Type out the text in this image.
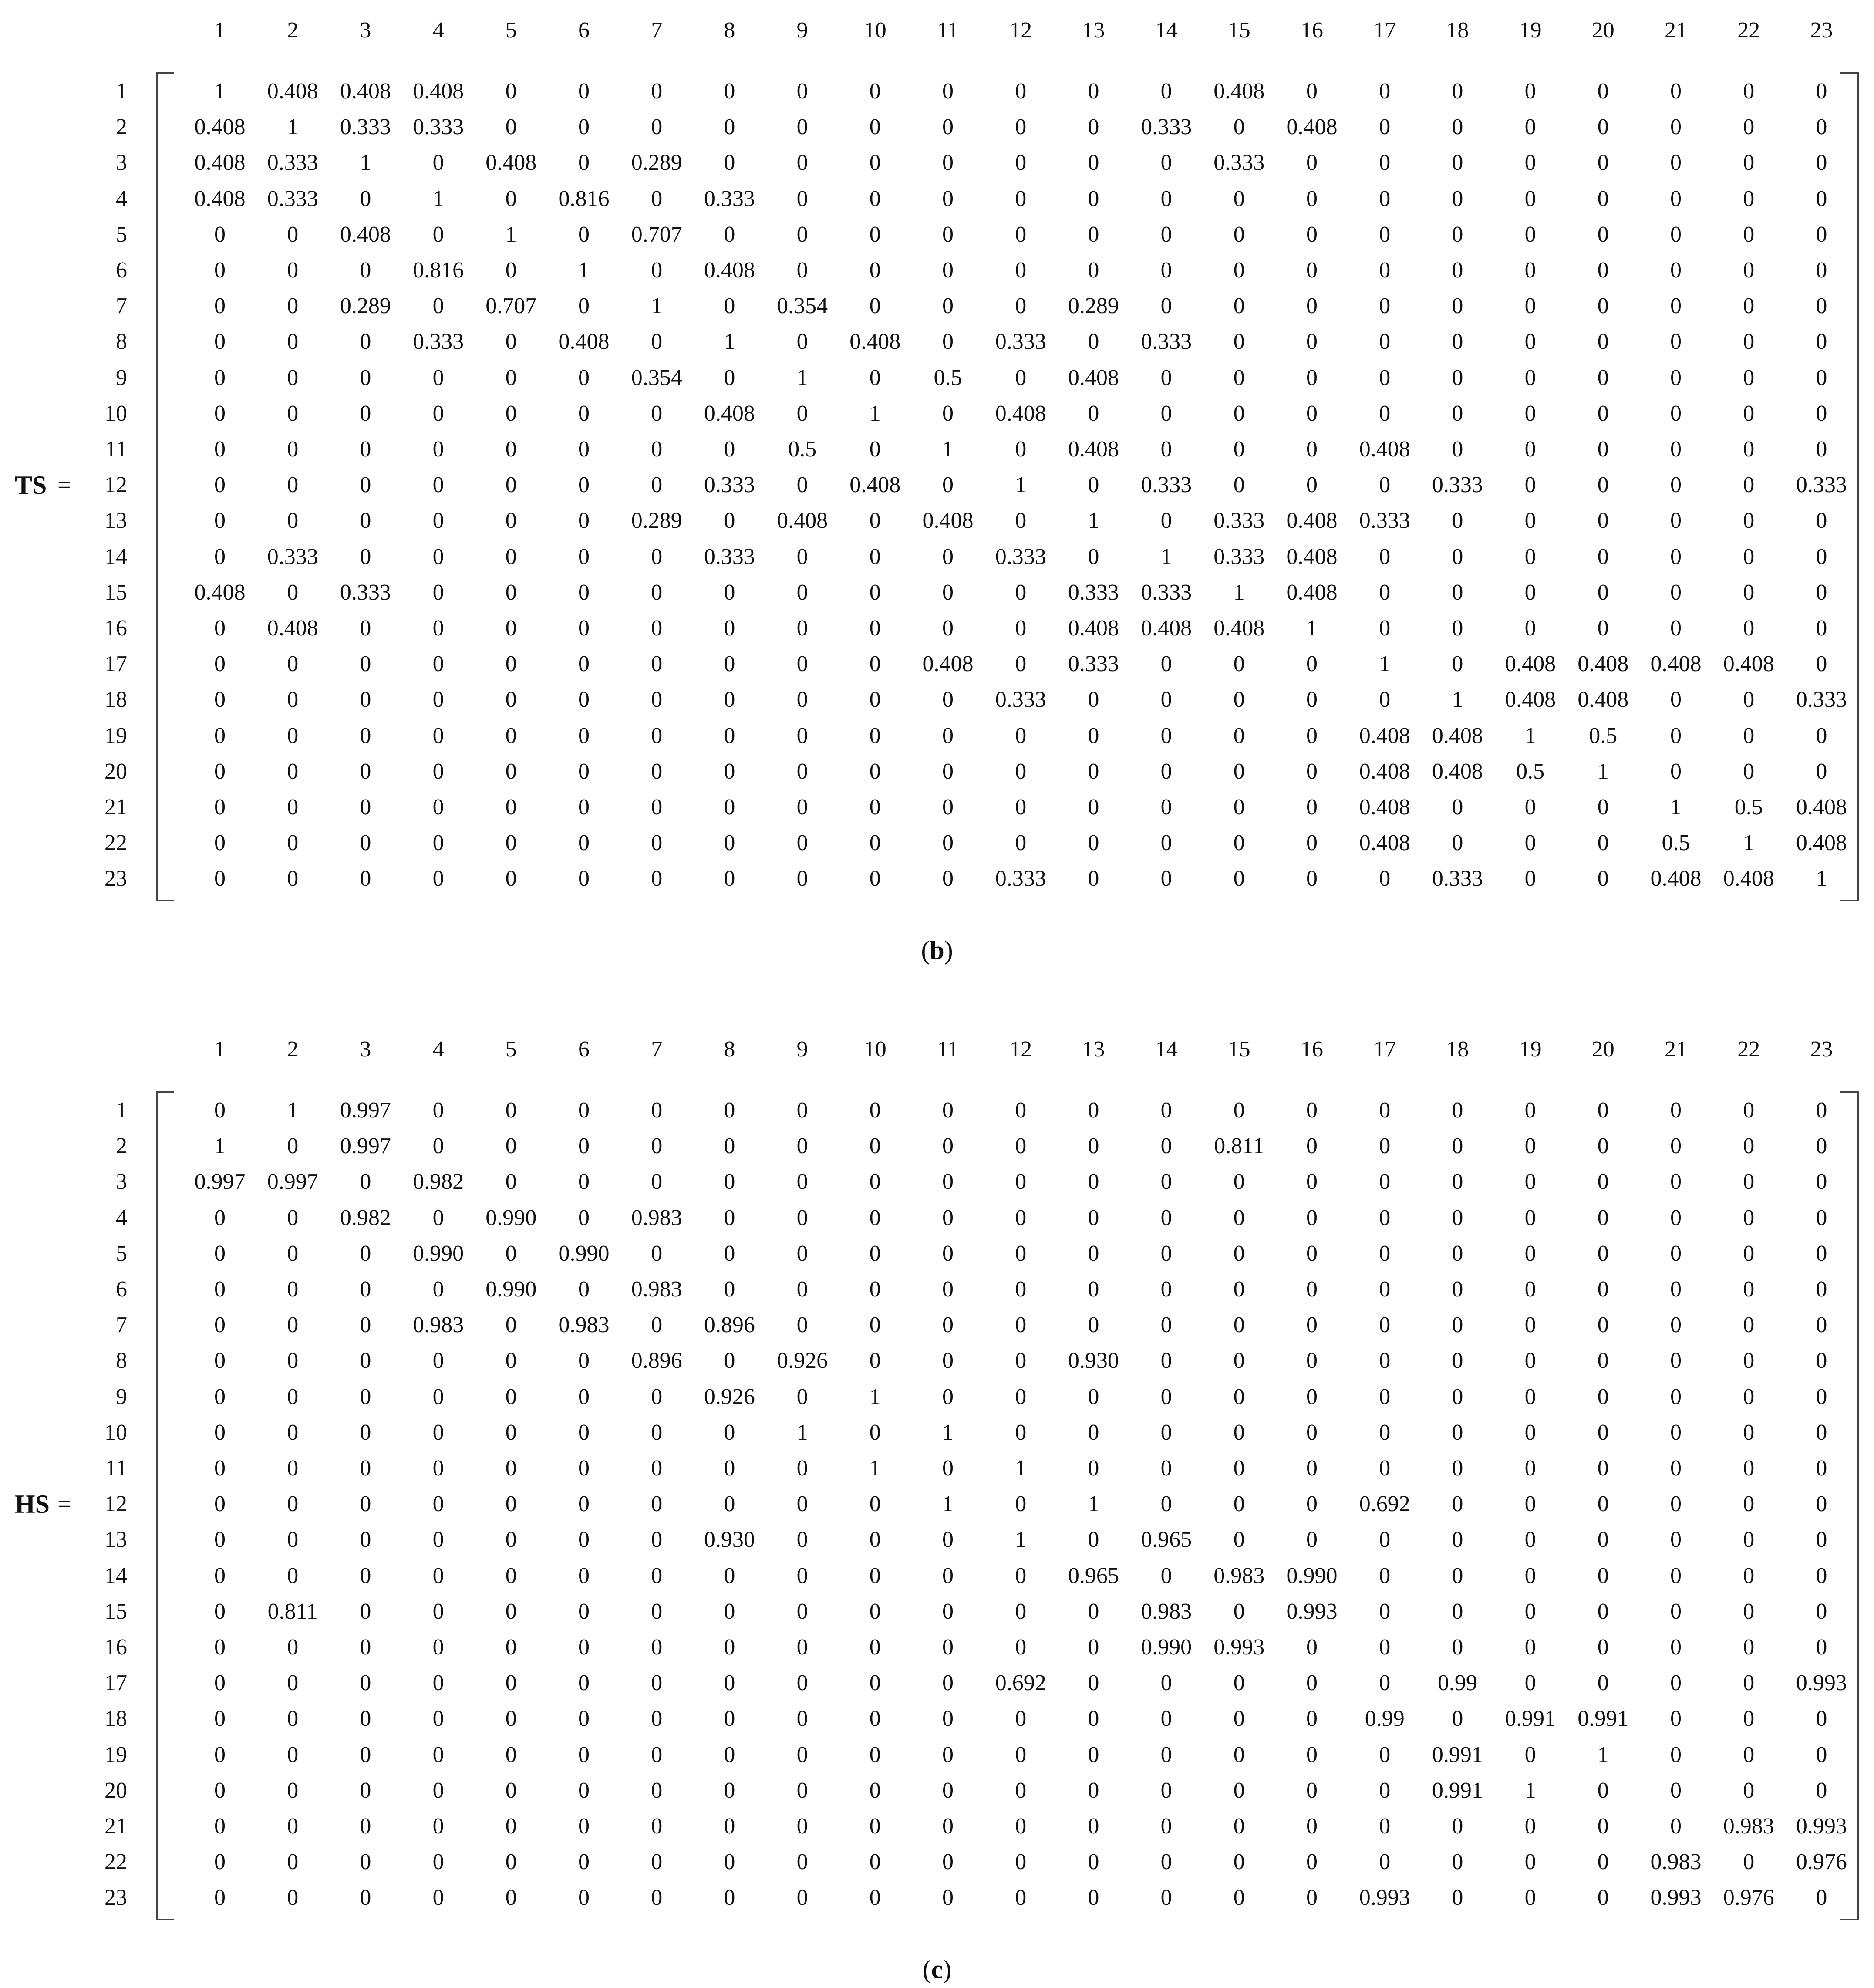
1	2	3	4	5	6	7	8	9 10 11 12 13 14 15 16 17 18 19 20 21 22 23
1	1 0.408 0.408 0.408 0	0	0	0	0	0	0	0	0	0 0.408 0	0	0	0	0	0	0	0
2	0.408 1 0.333 0.333 0	0	0	0	0	0	0	0	0 0.333 0 0.408 0	0	0	0	0	0	0
3	0.408 0.333 1	0 0.408 0 0.289 0	0	0	0	0	0	0 0.333 0	0	0	0	0	0	0	0
4	0.408 0.333 0	1	0 0.816 0 0.333 0	0	0	0	0	0	0	0	0	0	0	0	0	0	0
5	0	0 0.408 0	1	0 0.707 0	0	0	0	0	0	0	0	0	0	0	0	0	0	0	0
6	0	0	0 0.816 0	1	0 0.408 0	0	0	0	0	0	0	0	0	0	0	0	0	0	0
7	0	0 0.289 0 0.707 0	1	0 0.354 0	0	0 0.289 0	0	0	0	0	0	0	0	0	0
8	0	0	0 0.333 0 0.408 0	1	0 0.408 0 0.333 0 0.333 0	0	0	0	0	0	0	0	0
9	0	0	0	0	0	0 0.354 0	1	0 0.5 0 0.408 0	0	0	0	0	0	0	0	0	0
10	0	0	0	0	0	0	0 0.408 0	1	0 0.408 0	0	0	0	0	0	0	0	0	0	0
11	0	0	0	0	0	0	0	0 0.5 0	1	0 0.408 0	0	0 0.408 0	0	0	0	0	0
12	0	0	0	0	0	0	0 0.333 0 0.408 0	1	0 0.333 0	0	0 0.333 0	0	0	0 0.333
13	0	0	0	0	0	0 0.289 0 0.408 0 0.408 0	1	0 0.333 0.408 0.333 0	0	0	0	0	0
14	0 0.333 0	0	0	0	0 0.333 0	0	0 0.333 0	1 0.333 0.408 0	0	0	0	0	0	0
15	0.408 0 0.333 0	0	0	0	0	0	0	0	0 0.333 0.333 1 0.408 0	0	0	0	0	0	0
16	0 0.408 0	0	0	0	0	0	0	0	0	0 0.408 0.408 0.408 1	0	0	0	0	0	0	0
17	0	0	0	0	0	0	0	0	0	0 0.408 0 0.333 0	0	0	1	0 0.408 0.408 0.408 0.408 0
18	0	0	0	0	0	0	0	0	0	0	0 0.333 0	0	0	0	0	1 0.408 0.408 0	0 0.333
19	0	0	0	0	0	0	0	0	0	0	0	0	0	0	0	0 0.408 0.408 1 0.5 0	0	0
20	0	0	0	0	0	0	0	0	0	0	0	0	0	0	0	0 0.408 0.408 0.5 1	0	0	0
21	0	0	0	0	0	0	0	0	0	0	0	0	0	0	0	0 0.408 0	0	0	1 0.5 0.408
22	0	0	0	0	0	0	0	0	0	0	0	0	0	0	0	0 0.408 0	0	0 0.5 1 0.408
23	0	0	0	0	0	0	0	0	0	0	0 0.333 0	0	0	0	0 0.333 0	0 0.408 0.408 1
TS =
(b)
1	2	3	4	5	6	7	8	9 10 11 12 13 14 15 16 17 18 19 20 21 22 23
1	0	1 0.997 0	0	0	0	0	0	0	0	0	0	0	0	0	0	0	0	0	0	0	0
2	1	0 0.997 0	0	0	0	0	0	0	0	0	0	0 0.811 0	0	0	0	0	0	0	0
3	0.997 0.997 0 0.982 0	0	0	0	0	0	0	0	0	0	0	0	0	0	0	0	0	0	0
4	0	0 0.982 0 0.990 0 0.983 0	0	0	0	0	0	0	0	0	0	0	0	0	0	0	0
5	0	0	0 0.990 0 0.990 0	0	0	0	0	0	0	0	0	0	0	0	0	0	0	0	0
6	0	0	0	0 0.990 0 0.983 0	0	0	0	0	0	0	0	0	0	0	0	0	0	0	0
7	0	0	0 0.983 0 0.983 0 0.896 0	0	0	0	0	0	0	0	0	0	0	0	0	0	0
8	0	0	0	0	0	0 0.896 0 0.926 0	0	0 0.930 0	0	0	0	0	0	0	0	0	0
9	0	0	0	0	0	0	0 0.926 0	1	0	0	0	0	0	0	0	0	0	0	0	0	0
10	0	0	0	0	0	0	0	0	1	0	1	0	0	0	0	0	0	0	0	0	0	0	0
11	0	0	0	0	0	0	0	0	0	1	0	1	0	0	0	0	0	0	0	0	0	0	0
12	0	0	0	0	0	0	0	0	0	0	1	0	1	0	0	0 0.692 0	0	0	0	0	0
13	0	0	0	0	0	0	0 0.930 0	0	0	1	0 0.965 0	0	0	0	0	0	0	0	0
14	0	0	0	0	0	0	0	0	0	0	0	0 0.965 0 0.983 0.990 0	0	0	0	0	0	0
15	0 0.811 0	0	0	0	0	0	0	0	0	0	0 0.983 0 0.993 0	0	0	0	0	0	0
16	0	0	0	0	0	0	0	0	0	0	0	0	0 0.990 0.993 0	0	0	0	0	0	0	0
17	0	0	0	0	0	0	0	0	0	0	0 0.692 0	0	0	0	0 0.99 0	0	0	0 0.993
18	0	0	0	0	0	0	0	0	0	0	0	0	0	0	0	0 0.99 0 0.991 0.991 0	0	0
19	0	0	0	0	0	0	0	0	0	0	0	0	0	0	0	0	0 0.991 0	1	0	0	0
20	0	0	0	0	0	0	0	0	0	0	0	0	0	0	0	0	0 0.991 1	0	0	0	0
21	0	0	0	0	0	0	0	0	0	0	0	0	0	0	0	0	0	0	0	0	0 0.983 0.993
22	0	0	0	0	0	0	0	0	0	0	0	0	0	0	0	0	0	0	0	0 0.983 0 0.976
23	0	0	0	0	0	0	0	0	0	0	0	0	0	0	0	0 0.993 0	0	0 0.993 0.976 0
HS =
(c)
